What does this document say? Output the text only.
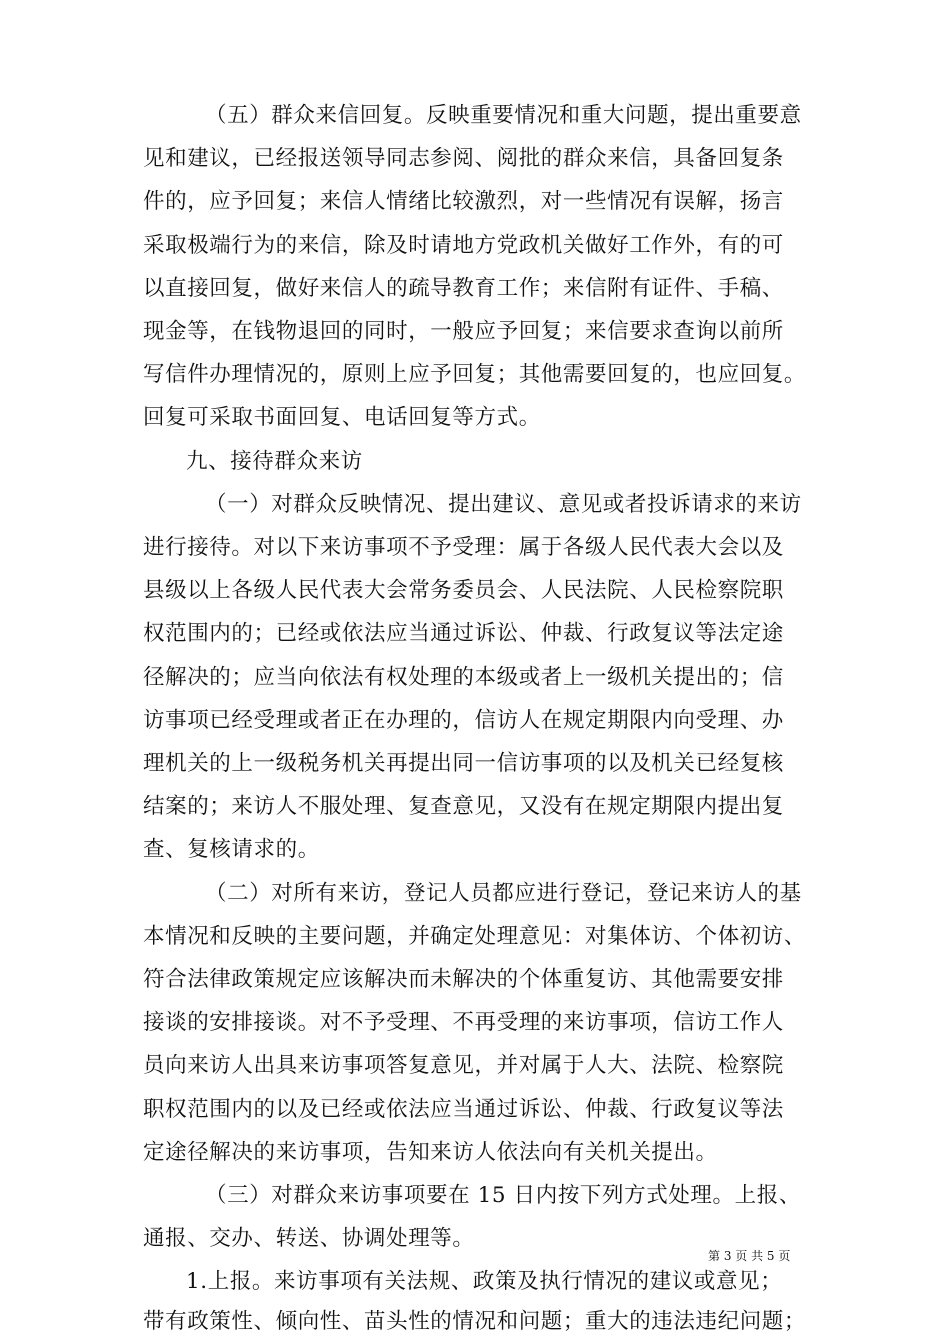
（五）群众来信回复。反映重要情况和重大问题，提出重要意
见和建议，已经报送领导同志参阅、阅批的群众来信，具备回复条
件的，应予回复；来信人情绪比较激烈，对一些情况有误解，扬言
采取极端行为的来信，除及时请地方党政机关做好工作外，有的可
以直接回复，做好来信人的疏导教育工作；来信附有证件、手稿、
现金等，在钱物退回的同时，一般应予回复；来信要求查询以前所
写信件办理情况的，原则上应予回复；其他需要回复的，也应回复。
回复可采取书面回复、电话回复等方式。
九、接待群众来访
（一）对群众反映情况、提出建议、意见或者投诉请求的来访
进行接待。对以下来访事项不予受理：属于各级人民代表大会以及
县级以上各级人民代表大会常务委员会、人民法院、人民检察院职
权范围内的；已经或依法应当通过诉讼、仲裁、行政复议等法定途
径解决的；应当向依法有权处理的本级或者上一级机关提出的；信
访事项已经受理或者正在办理的，信访人在规定期限内向受理、办
理机关的上一级税务机关再提出同一信访事项的以及机关已经复核
结案的；来访人不服处理、复查意见，又没有在规定期限内提出复
查、复核请求的。
（二）对所有来访，登记人员都应进行登记，登记来访人的基
本情况和反映的主要问题，并确定处理意见：对集体访、个体初访、
符合法律政策规定应该解决而未解决的个体重复访、其他需要安排
接谈的安排接谈。对不予受理、不再受理的来访事项，信访工作人
员向来访人出具来访事项答复意见，并对属于人大、法院、检察院
职权范围内的以及已经或依法应当通过诉讼、仲裁、行政复议等法
定途径解决的来访事项，告知来访人依法向有关机关提出。
（三）对群众来访事项要在 15 日内按下列方式处理。上报、
通报、交办、转送、协调处理等。
1.上报。来访事项有关法规、政策及执行情况的建议或意见；
带有政策性、倾向性、苗头性的情况和问题；重大的违法违纪问题；
第 3 页 共 5 页
